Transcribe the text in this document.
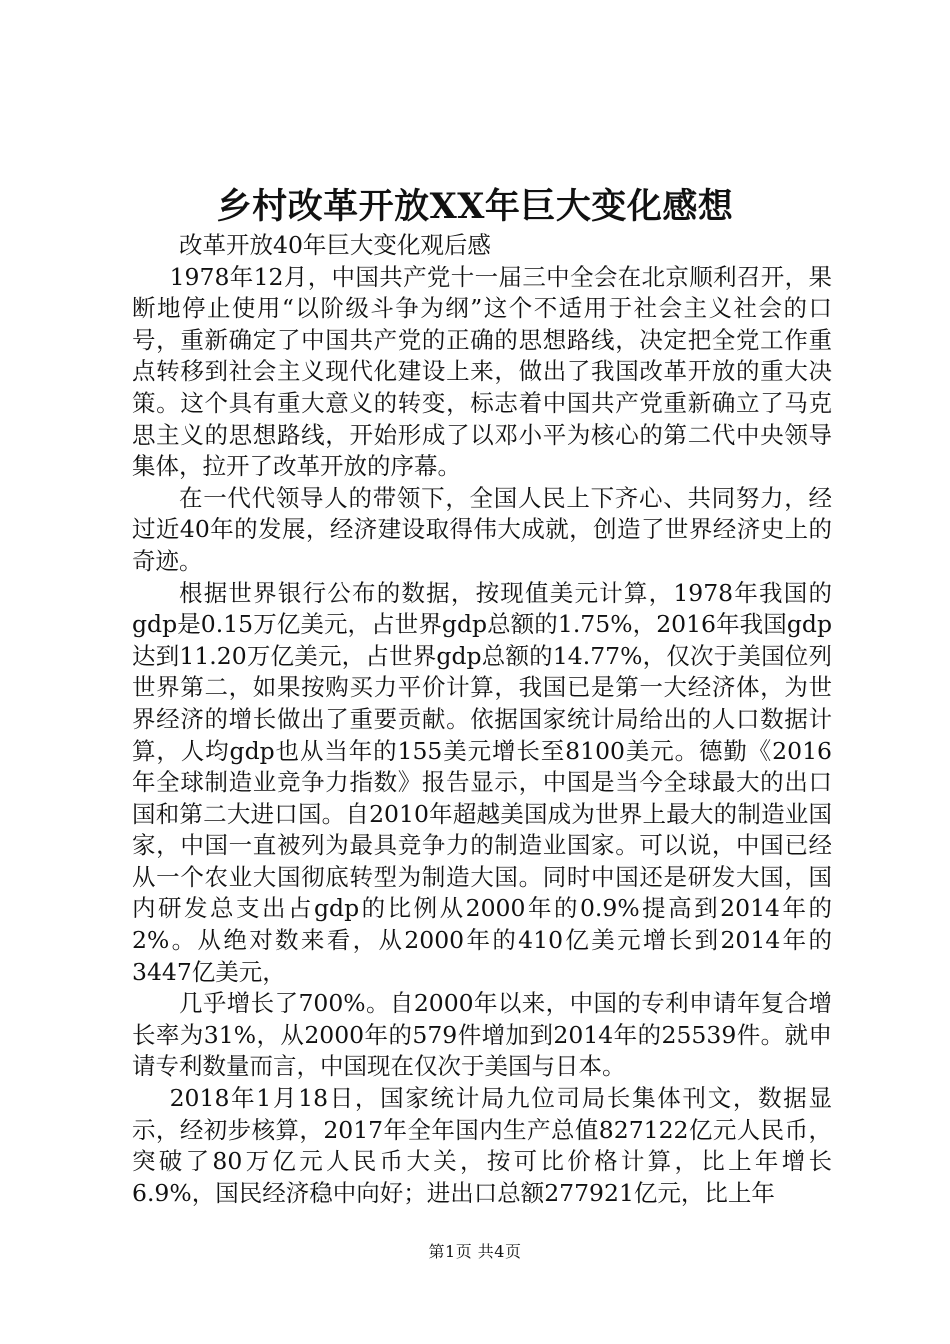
乡村改革开放XX年巨大变化感想

改革开放40年巨大变化观后感

1978年12月，中国共产党十一届三中全会在北京顺利召开，果断地停止使用“以阶级斗争为纲”这个不适用于社会主义社会的口号，重新确定了中国共产党的正确的思想路线，决定把全党工作重点转移到社会主义现代化建设上来，做出了我国改革开放的重大决策。这个具有重大意义的转变，标志着中国共产党重新确立了马克思主义的思想路线，开始形成了以邓小平为核心的第二代中央领导集体，拉开了改革开放的序幕。

在一代代领导人的带领下，全国人民上下齐心、共同努力，经过近40年的发展，经济建设取得伟大成就，创造了世界经济史上的奇迹。

根据世界银行公布的数据，按现值美元计算，1978年我国的gdp是0.15万亿美元，占世界gdp总额的1.75%，2016年我国gdp达到11.20万亿美元，占世界gdp总额的14.77%，仅次于美国位列世界第二，如果按购买力平价计算，我国已是第一大经济体，为世界经济的增长做出了重要贡献。依据国家统计局给出的人口数据计算，人均gdp也从当年的155美元增长至8100美元。德勤《2016年全球制造业竞争力指数》报告显示，中国是当今全球最大的出口国和第二大进口国。自2010年超越美国成为世界上最大的制造业国家，中国一直被列为最具竞争力的制造业国家。可以说，中国已经从一个农业大国彻底转型为制造大国。同时中国还是研发大国，国内研发总支出占gdp的比例从2000年的0.9%提高到2014年的2%。从绝对数来看，从2000年的410亿美元增长到2014年的3447亿美元，

几乎增长了700%。自2000年以来，中国的专利申请年复合增长率为31%，从2000年的579件增加到2014年的25539件。就申请专利数量而言，中国现在仅次于美国与日本。

2018年1月18日，国家统计局九位司局长集体刊文，数据显示，经初步核算，2017年全年国内生产总值827122亿元人民币，突破了80万亿元人民币大关，按可比价格计算，比上年增长6.9%，国民经济稳中向好；进出口总额277921亿元，比上年

第1页 共4页
